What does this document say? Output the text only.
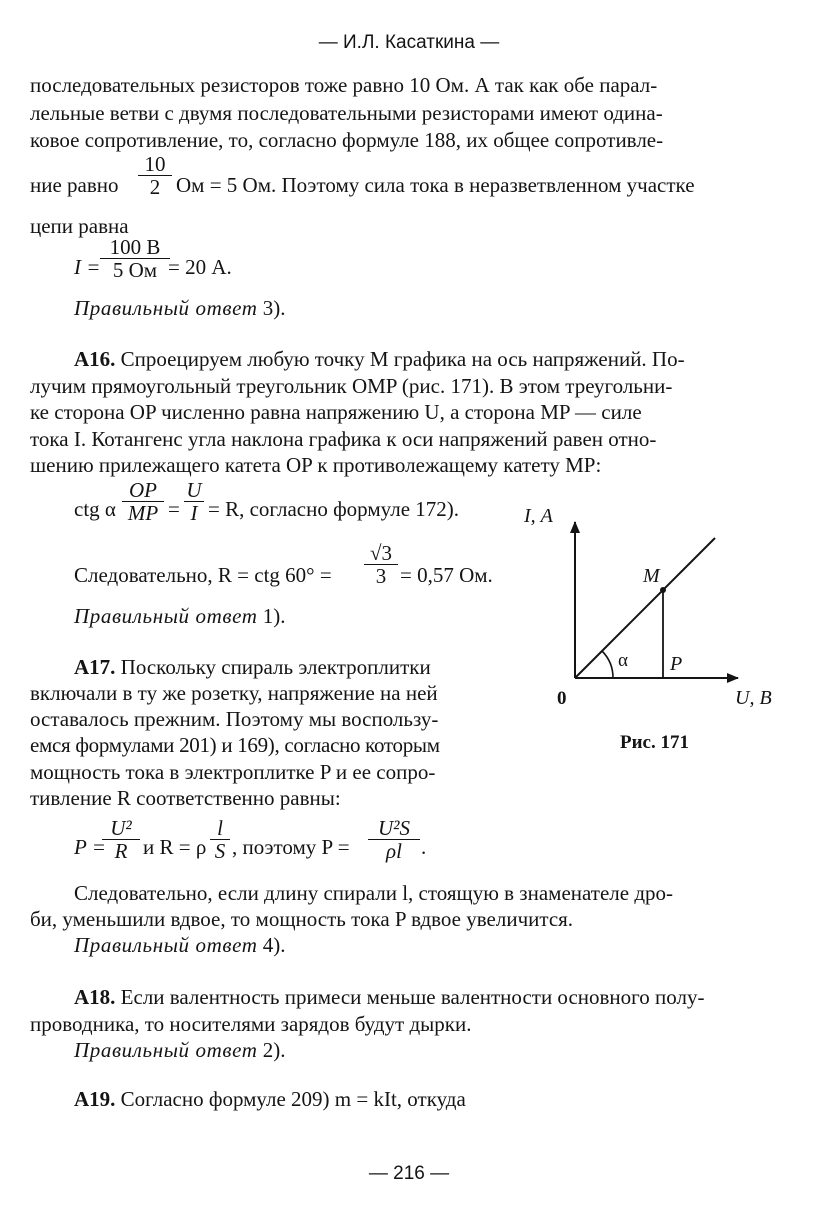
— И.Л. Касаткина —
последовательных резисторов тоже равно 10 Ом. А так как обе парал-
лельные ветви с двумя последовательными резисторами имеют одина-
ковое сопротивление, то, согласно формуле 188, их общее сопротивле-
ние равно $\frac{10}{2}$ Ом = 5 Ом. Поэтому сила тока в неразветвленном участке
цепи равна
I =
100 В
5 Ом = 20 А.
Правильный ответ 3).
А16. Спроецируем любую точку M графика на ось напряжений. По-
лучим прямоугольный треугольник OMP (рис. 171). В этом треугольни-
ке сторона OP численно равна напряжению U, а сторона MP — силе
тока I. Котангенс угла наклона графика к оси напряжений равен отно-
шению прилежащего катета OP к противолежащему катету MP:
ctg α $\frac{OP}{MP} = \frac{U}{I} = R$, согласно формуле 172).
Следовательно, R = ctg $60^\circ = \frac{√3}{3} = 0,57$ Ом.
Правильный ответ 1).
I, А
M
α P
0	U, В
Рис. 171
А17. Поскольку спираль электроплитки
включали в ту же розетку, напряжение на ней
оставалось прежним. Поэтому мы воспользу-
емся формулами 201) и 169), согласно которым
мощность тока в электроплитке P и ее сопро-
тивление R соответственно равны:
P =
$\frac{\text{U²}}{R}$ и R = ρ $\frac{l}{S}$ , поэтому $P = \frac{\text{U²S}}{\rho l}$ .
Следовательно, если длину спирали l, стоящую в знаменателе дро-
би, уменьшили вдвое, то мощность тока P вдвое увеличится.
Правильный ответ 4).
А18. Если валентность примеси меньше валентности основного полу-
проводника, то носителями зарядов будут дырки.
Правильный ответ 2).
А19. Согласно формуле 209) m = kIt, откуда
— 216 —
